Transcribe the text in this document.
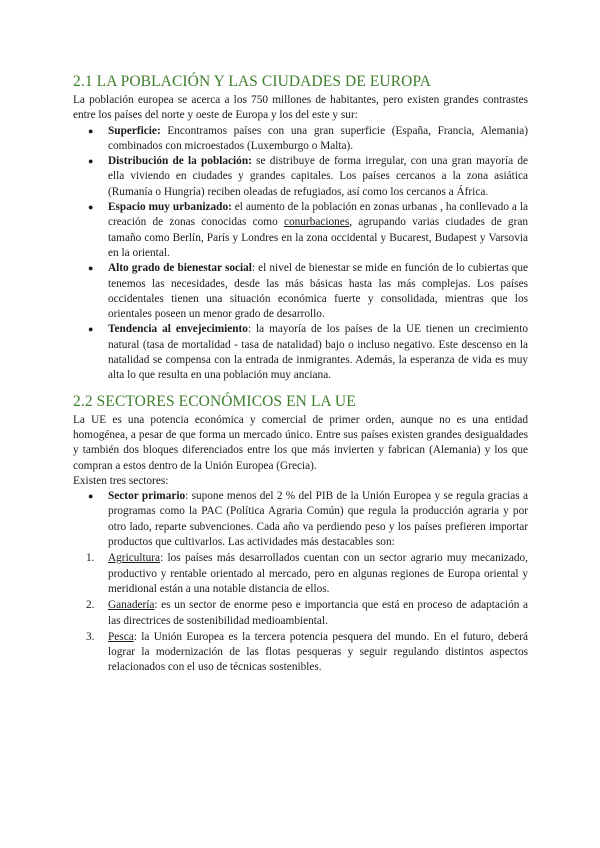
2.1 LA POBLACIÓN Y LAS CIUDADES DE EUROPA

La población europea se acerca a los 750 millones de habitantes, pero existen grandes contrastes entre los países del norte y oeste de Europa y los del este y sur:

● Superficie: Encontramos países con una gran superficie (España, Francia, Alemania) combinados con microestados (Luxemburgo o Malta).
● Distribución de la población: se distribuye de forma irregular, con una gran mayoría de ella viviendo en ciudades y grandes capitales. Los países cercanos a la zona asiática (Rumanía o Hungría) reciben oleadas de refugiados, así como los cercanos a África.
● Espacio muy urbanizado: el aumento de la población en zonas urbanas , ha conllevado a la creación de zonas conocidas como conurbaciones, agrupando varias ciudades de gran tamaño como Berlín, París y Londres en la zona occidental y Bucarest, Budapest y Varsovia en la oriental.
● Alto grado de bienestar social: el nivel de bienestar se mide en función de lo cubiertas que tenemos las necesidades, desde las más básicas hasta las más complejas. Los países occidentales tienen una situación económica fuerte y consolidada, mientras que los orientales poseen un menor grado de desarrollo.
● Tendencia al envejecimiento: la mayoría de los países de la UE tienen un crecimiento natural (tasa de mortalidad - tasa de natalidad) bajo o incluso negativo. Este descenso en la natalidad se compensa con la entrada de inmigrantes. Además, la esperanza de vida es muy alta lo que resulta en una población muy anciana.
2.2 SECTORES ECONÓMICOS EN LA UE

La UE es una potencia económica y comercial de primer orden, aunque no es una entidad homogénea, a pesar de que forma un mercado único. Entre sus países existen grandes desigualdades y también dos bloques diferenciados entre los que más invierten y fabrican (Alemania) y los que compran a estos dentro de la Unión Europea (Grecia).

Existen tres sectores:

● Sector primario: supone menos del 2 % del PIB de la Unión Europea y se regula gracias a programas como la PAC (Política Agraria Común) que regula la producción agraria y por otro lado, reparte subvenciones. Cada año va perdiendo peso y los países prefieren importar productos que cultivarlos. Las actividades más destacables son:
1. Agricultura: los países más desarrollados cuentan con un sector agrario muy mecanizado, productivo y rentable orientado al mercado, pero en algunas regiones de Europa oriental y meridional están a una notable distancia de ellos.
2. Ganadería: es un sector de enorme peso e importancia que está en proceso de adaptación a las directrices de sostenibilidad medioambiental.
3. Pesca: la Unión Europea es la tercera potencia pesquera del mundo. En el futuro, deberá lograr la modernización de las flotas pesqueras y seguir regulando distintos aspectos relacionados con el uso de técnicas sostenibles.
